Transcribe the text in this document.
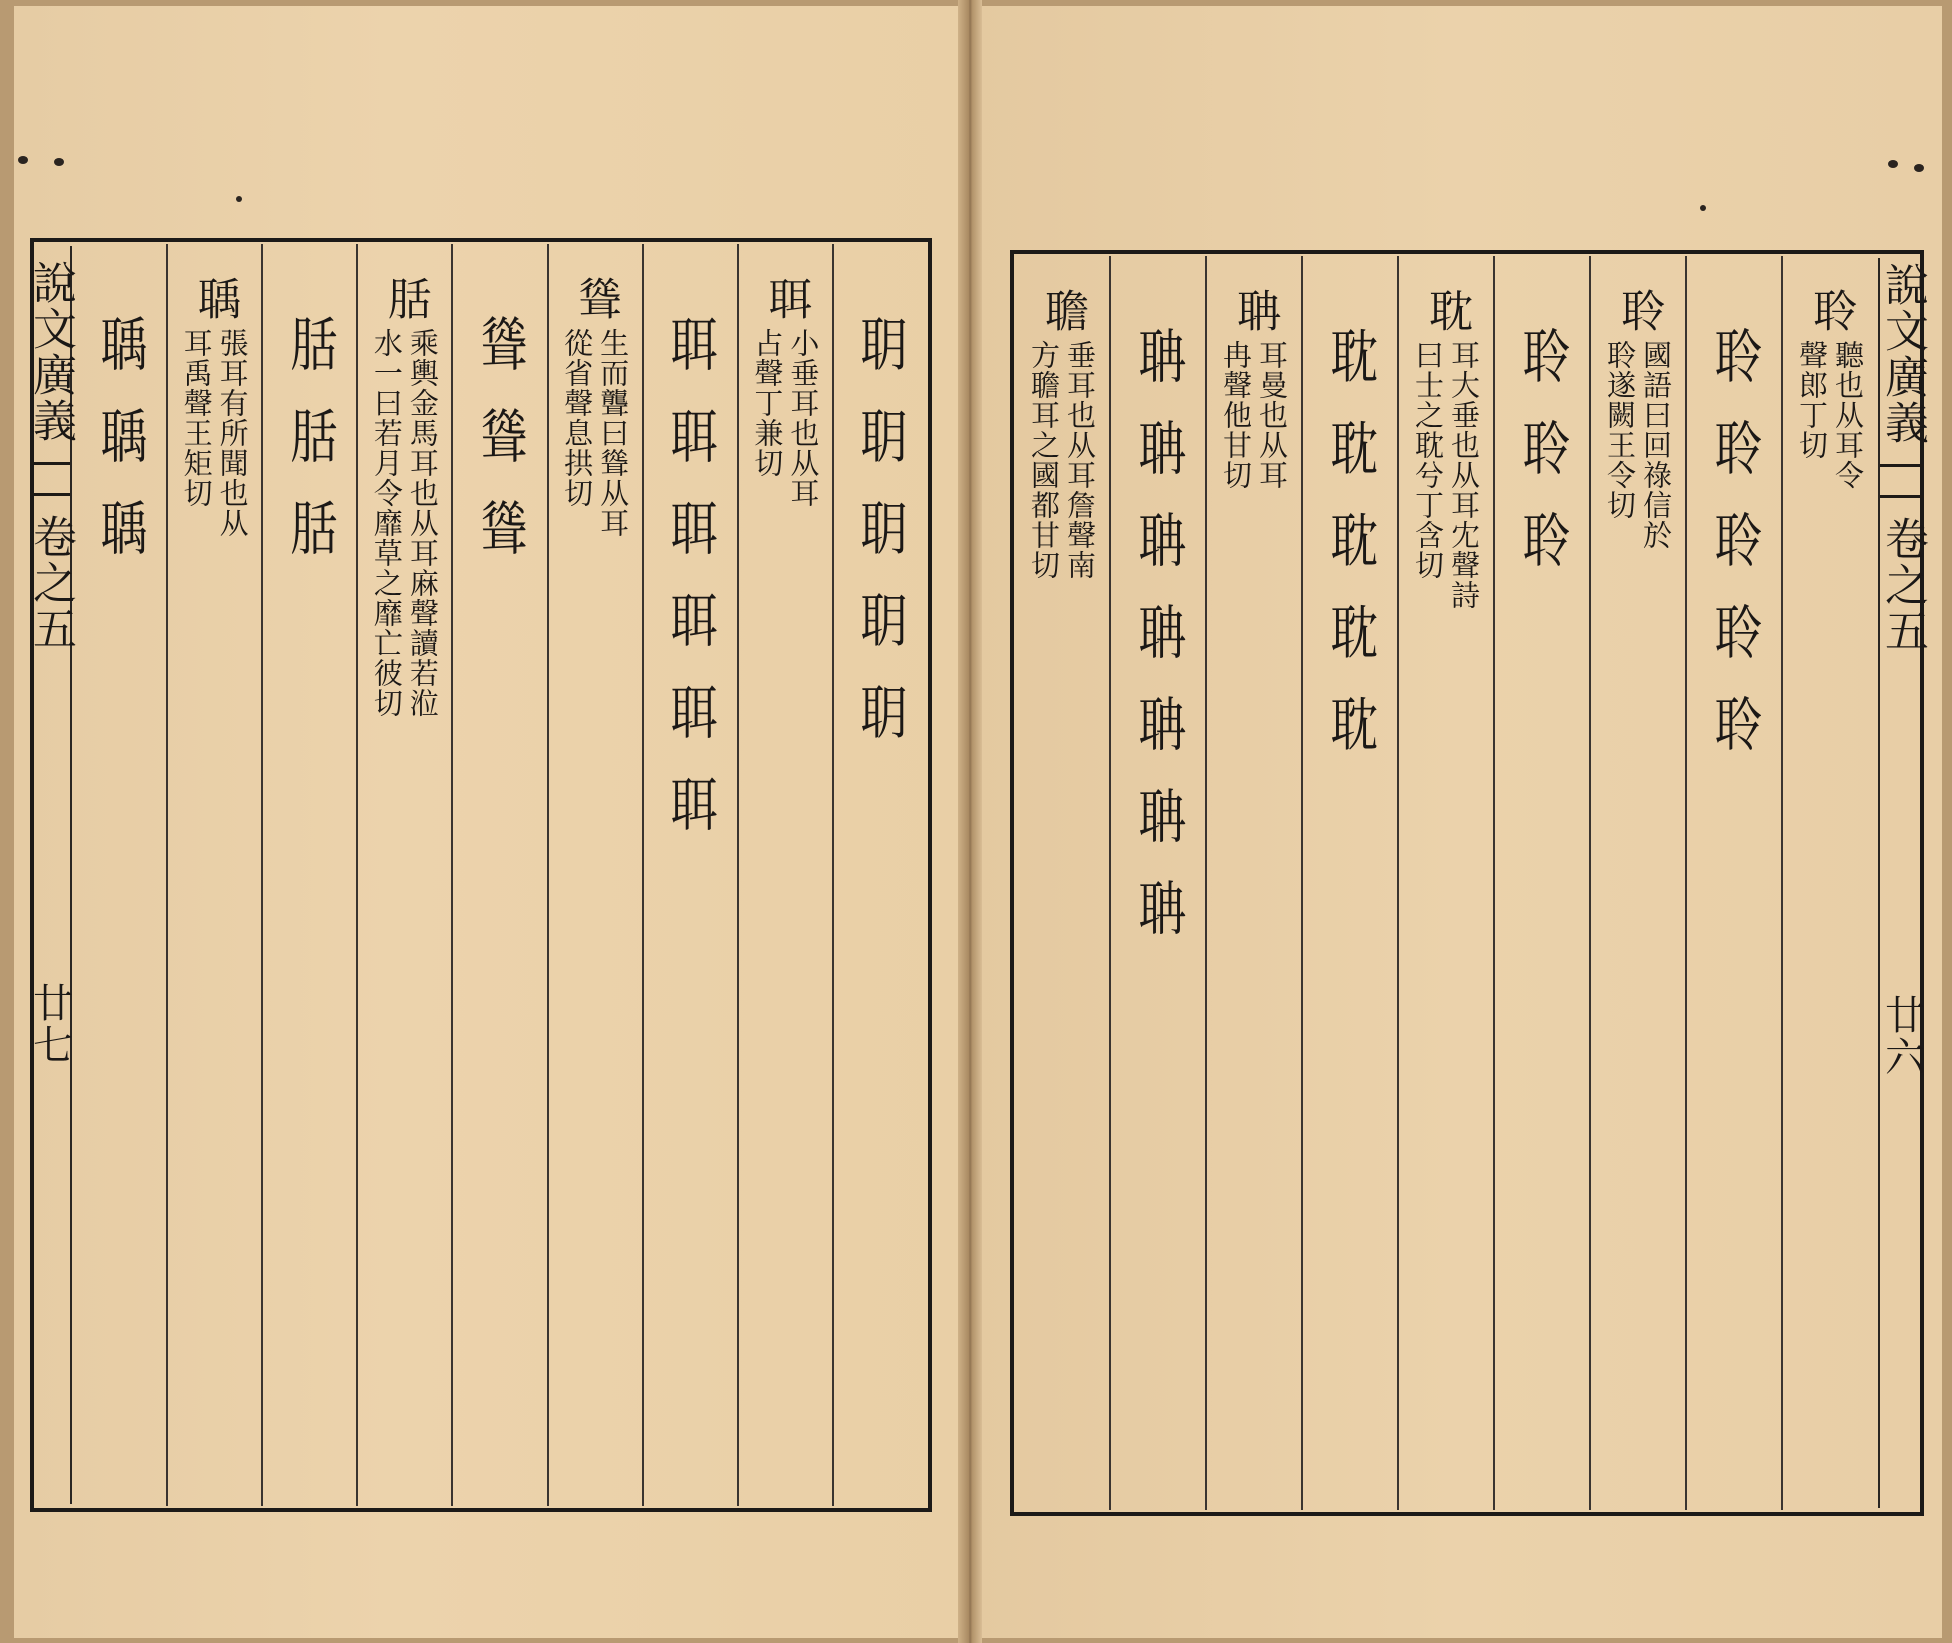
說文廣義
卷之五
廿七
䎳䎳䎳䎳䎳
聑
小垂耳也从耳
占聲丁兼切
聑聑聑聑聑聑
聳
生而聾曰聳从耳
從省聲息拱切
聳聳聳
䏦
乘輿金馬耳也从耳麻聲讀若涖
水一曰若月令靡草之靡亡彼切
䏦䏦䏦
聥
張耳有所聞也从
耳禹聲王矩切
聥聥聥	說文廣義
卷之五
廿六
聆
聽也从耳令
聲郎丁切
聆聆聆聆聆
聆
國語曰回祿信於
聆遂闕王令切
聆聆聆
耽
耳大垂也从耳冘聲詩
曰士之耽兮丁含切
耽耽耽耽耽
聃
耳曼也从耳
冉聲他甘切
聃聃聃聃聃聃聃
聸
垂耳也从耳詹聲南
方聸耳之國都甘切
